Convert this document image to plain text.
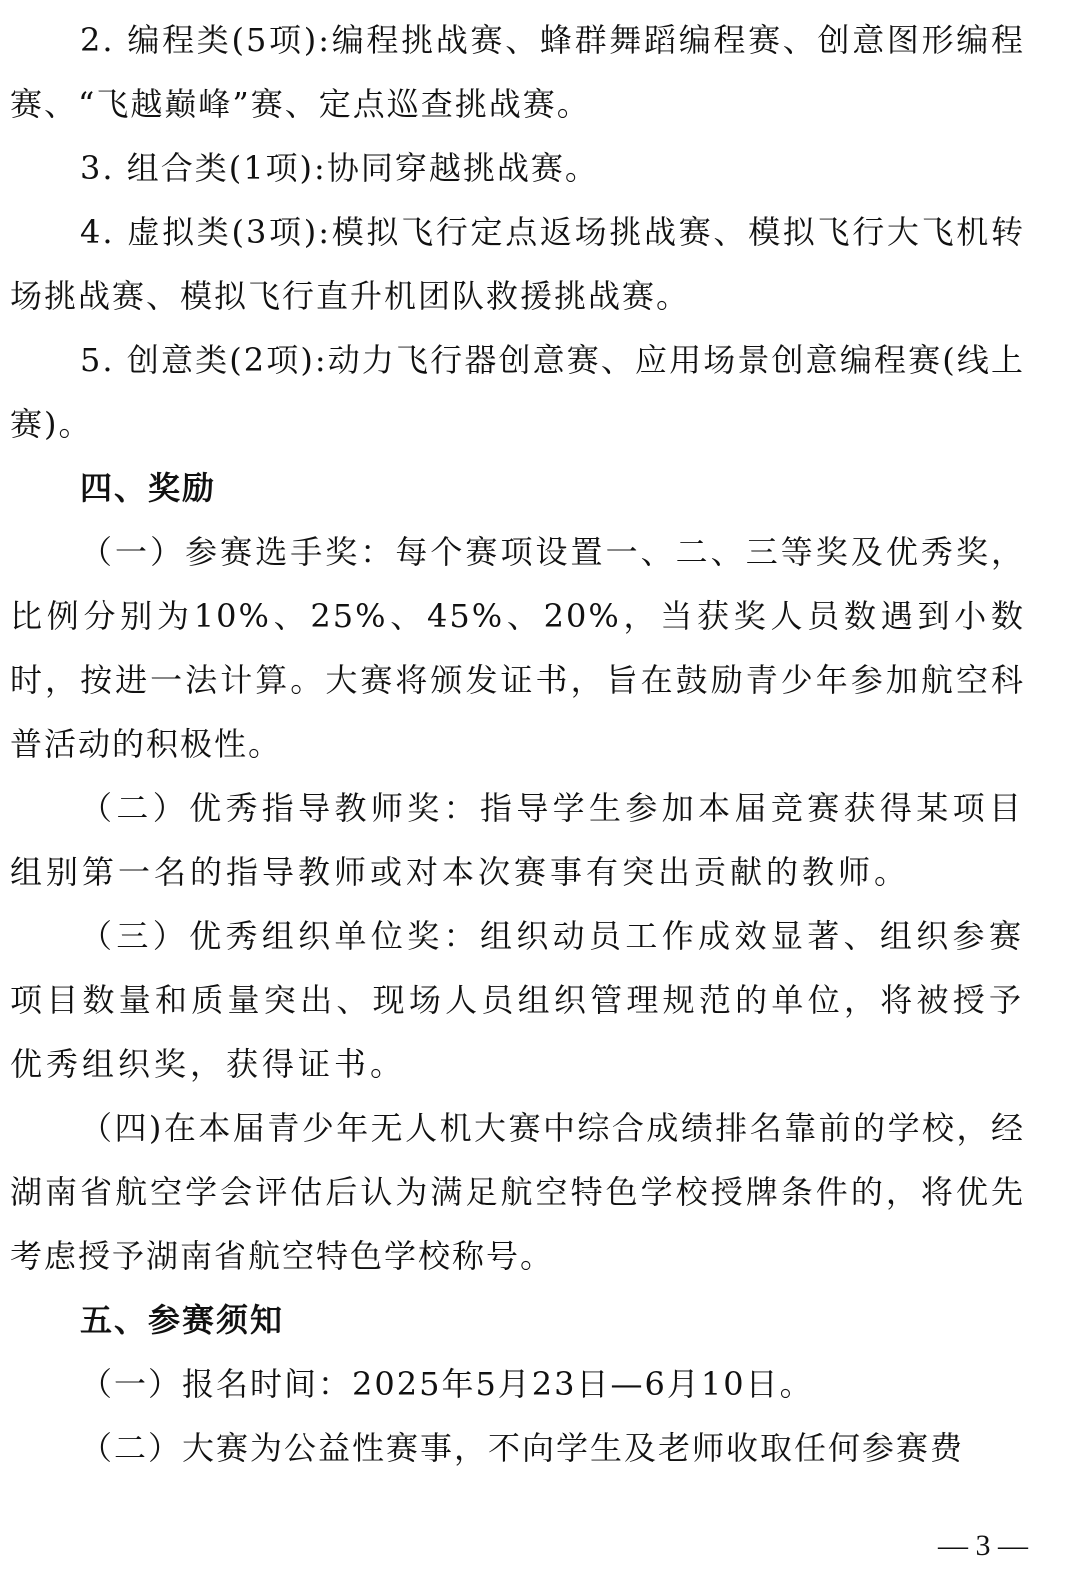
2. 编程类(5项):编程挑战赛、蜂群舞蹈编程赛、创意图形编程赛、“飞越巅峰”赛、定点巡查挑战赛。

3. 组合类(1项):协同穿越挑战赛。

4. 虚拟类(3项):模拟飞行定点返场挑战赛、模拟飞行大飞机转场挑战赛、模拟飞行直升机团队救援挑战赛。

5. 创意类(2项):动力飞行器创意赛、应用场景创意编程赛(线上赛)。

四、奖励

（一）参赛选手奖：每个赛项设置一、二、三等奖及优秀奖，比例分别为10%、25%、45%、20%，当获奖人员数遇到小数时，按进一法计算。大赛将颁发证书，旨在鼓励青少年参加航空科普活动的积极性。

（二）优秀指导教师奖：指导学生参加本届竞赛获得某项目组别第一名的指导教师或对本次赛事有突出贡献的教师。

（三）优秀组织单位奖：组织动员工作成效显著、组织参赛项目数量和质量突出、现场人员组织管理规范的单位，将被授予优秀组织奖，获得证书。

（四)在本届青少年无人机大赛中综合成绩排名靠前的学校，经湖南省航空学会评估后认为满足航空特色学校授牌条件的，将优先考虑授予湖南省航空特色学校称号。

五、参赛须知

（一）报名时间：2025年5月23日—6月10日。

（二）大赛为公益性赛事，不向学生及老师收取任何参赛费

— 3 —
